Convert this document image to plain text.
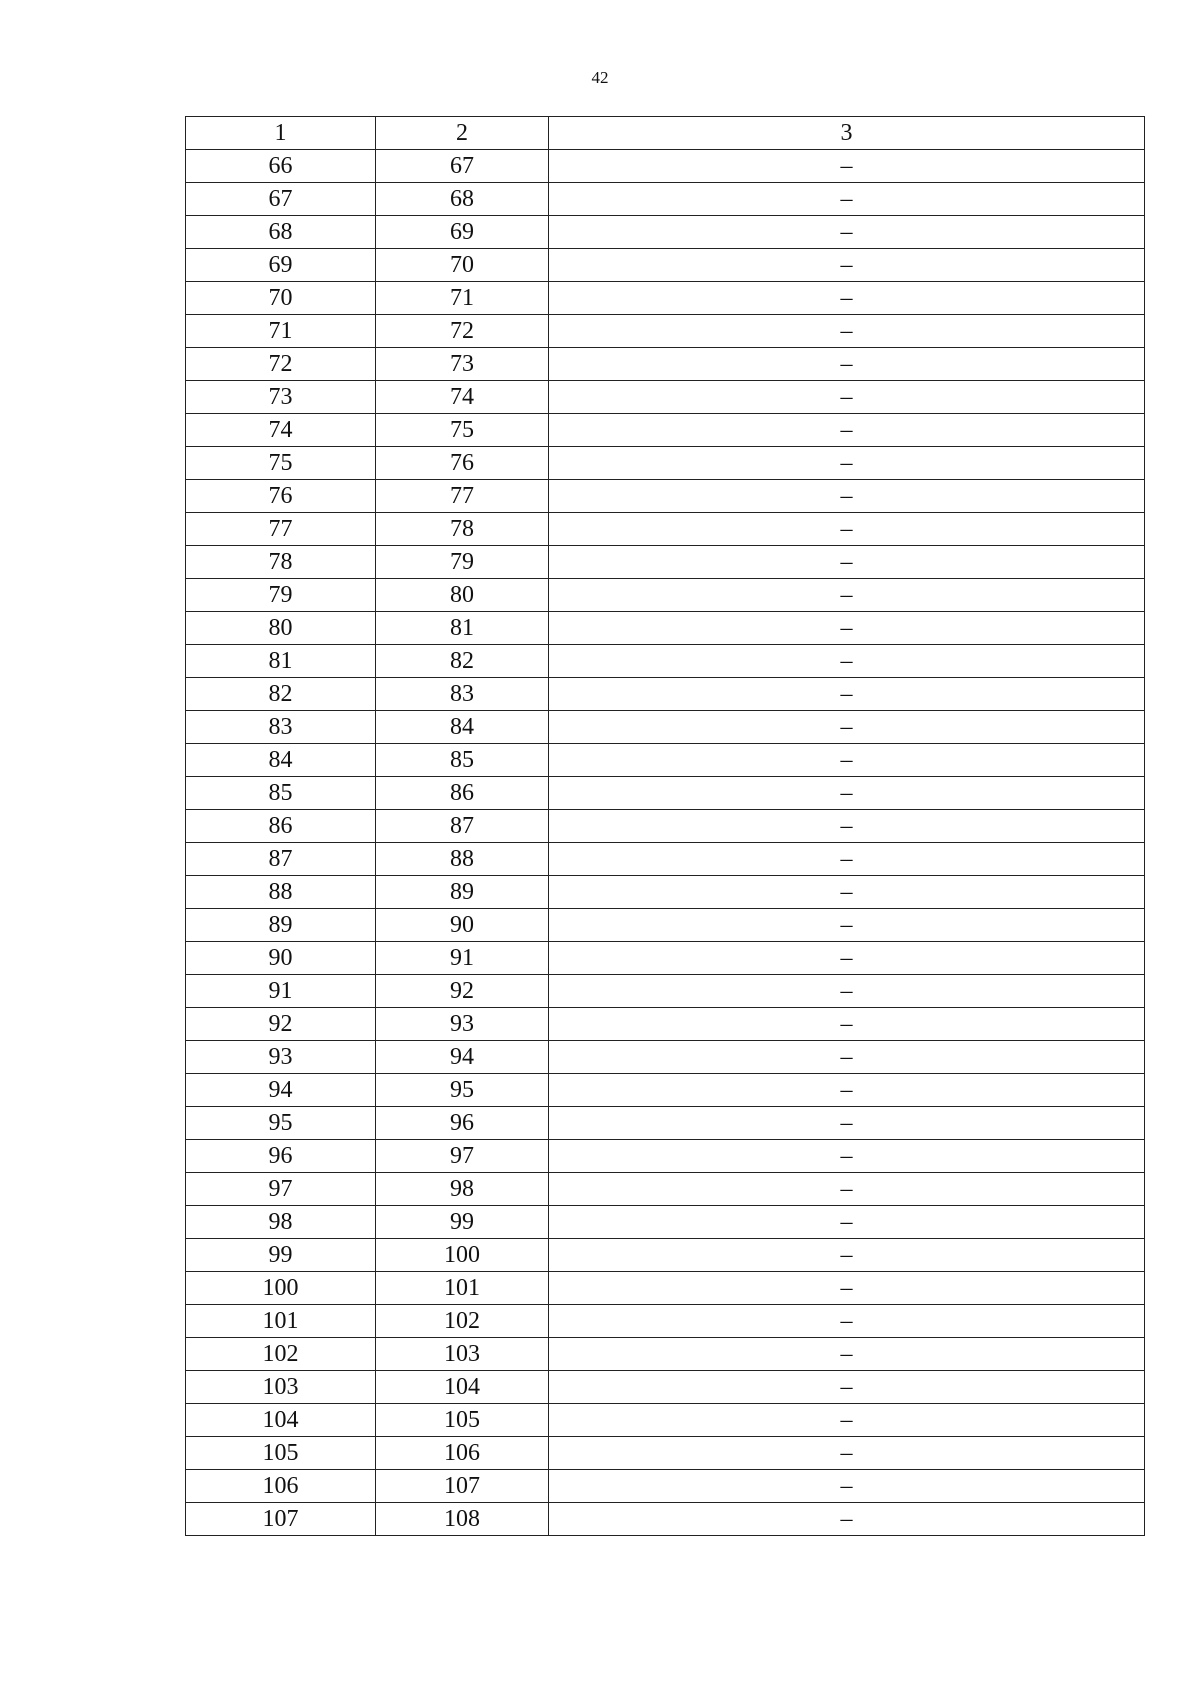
42
1	2	3
66	67	–
67	68	–
68	69	–
69	70	–
70	71	–
71	72	–
72	73	–
73	74	–
74	75	–
75	76	–
76	77	–
77	78	–
78	79	–
79	80	–
80	81	–
81	82	–
82	83	–
83	84	–
84	85	–
85	86	–
86	87	–
87	88	–
88	89	–
89	90	–
90	91	–
91	92	–
92	93	–
93	94	–
94	95	–
95	96	–
96	97	–
97	98	–
98	99	–
99	100	–
100	101	–
101	102	–
102	103	–
103	104	–
104	105	–
105	106	–
106	107	–
107	108	–
